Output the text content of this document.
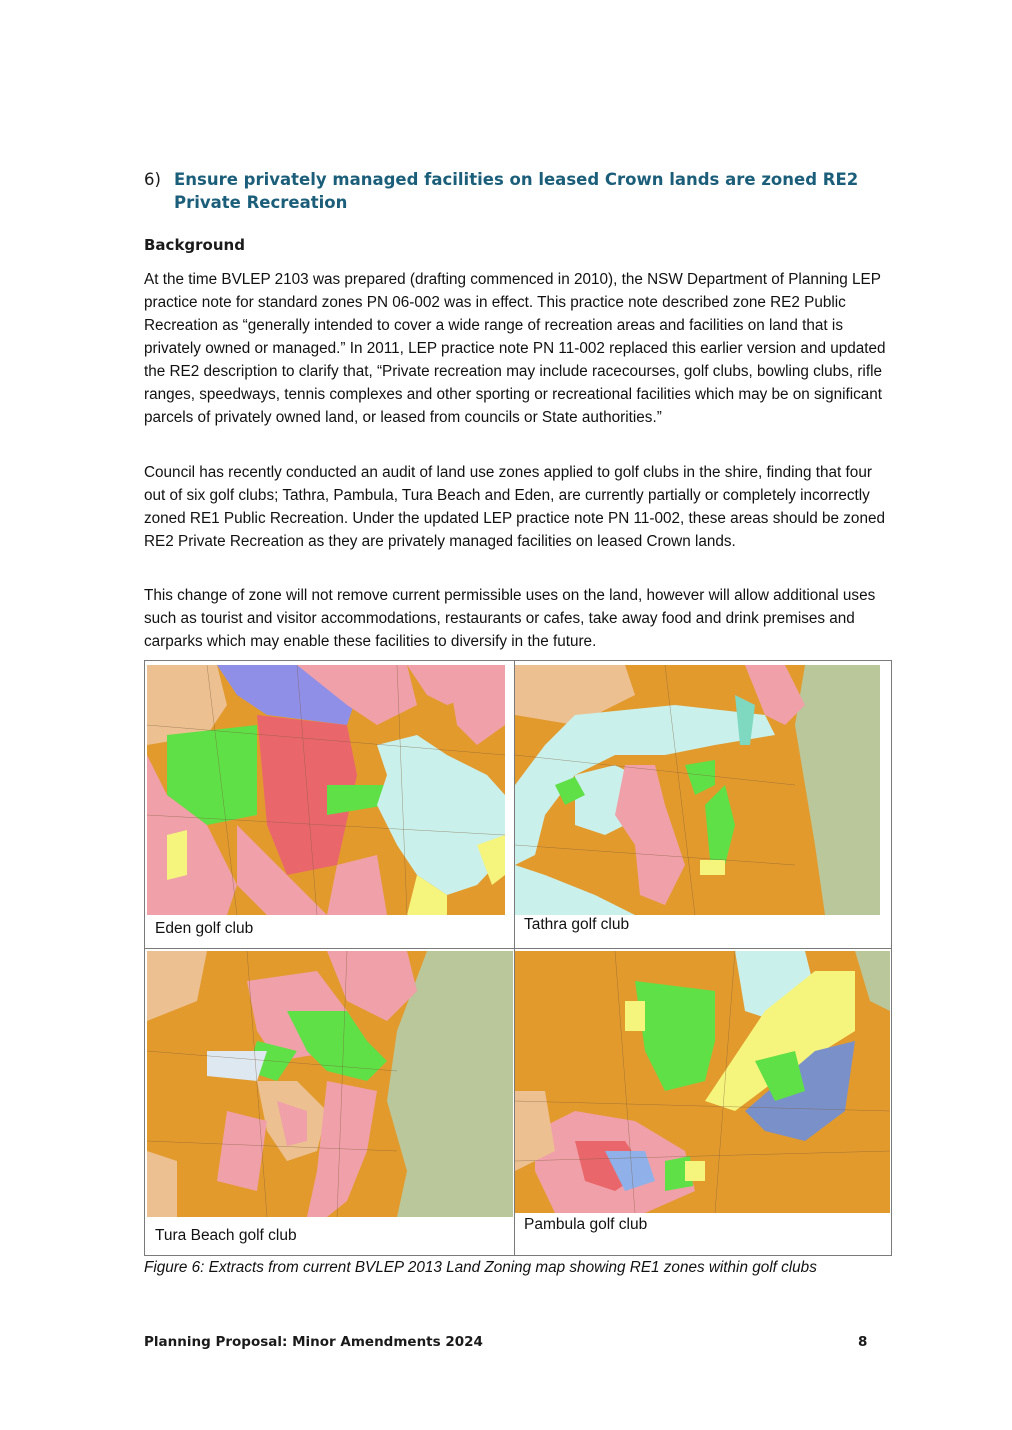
6) Ensure privately managed facilities on leased Crown lands are zoned RE2
Private Recreation
Background

At the time BVLEP 2103 was prepared (drafting commenced in 2010), the NSW Department of Planning LEP practice note for standard zones PN 06-002 was in effect. This practice note described zone RE2 Public Recreation as “generally intended to cover a wide range of recreation areas and facilities on land that is privately owned or managed.” In 2011, LEP practice note PN 11-002 replaced this earlier version and updated the RE2 description to clarify that, “Private recreation may include racecourses, golf clubs, bowling clubs, rifle ranges, speedways, tennis complexes and other sporting or recreational facilities which may be on significant parcels of privately owned land, or leased from councils or State authorities.”

Council has recently conducted an audit of land use zones applied to golf clubs in the shire, finding that four out of six golf clubs; Tathra, Pambula, Tura Beach and Eden, are currently partially or completely incorrectly zoned RE1 Public Recreation. Under the updated LEP practice note PN 11-002, these areas should be zoned RE2 Private Recreation as they are privately managed facilities on leased Crown lands.

This change of zone will not remove current permissible uses on the land, however will allow additional uses such as tourist and visitor accommodations, restaurants or cafes, take away food and drink premises and carparks which may enable these facilities to diversify in the future.

Eden golf club	Tathra golf club
Tura Beach golf club
Pambula golf club
Figure 6: Extracts from current BVLEP 2013 Land Zoning map showing RE1 zones within golf clubs
Planning Proposal: Minor Amendments 2024	8
